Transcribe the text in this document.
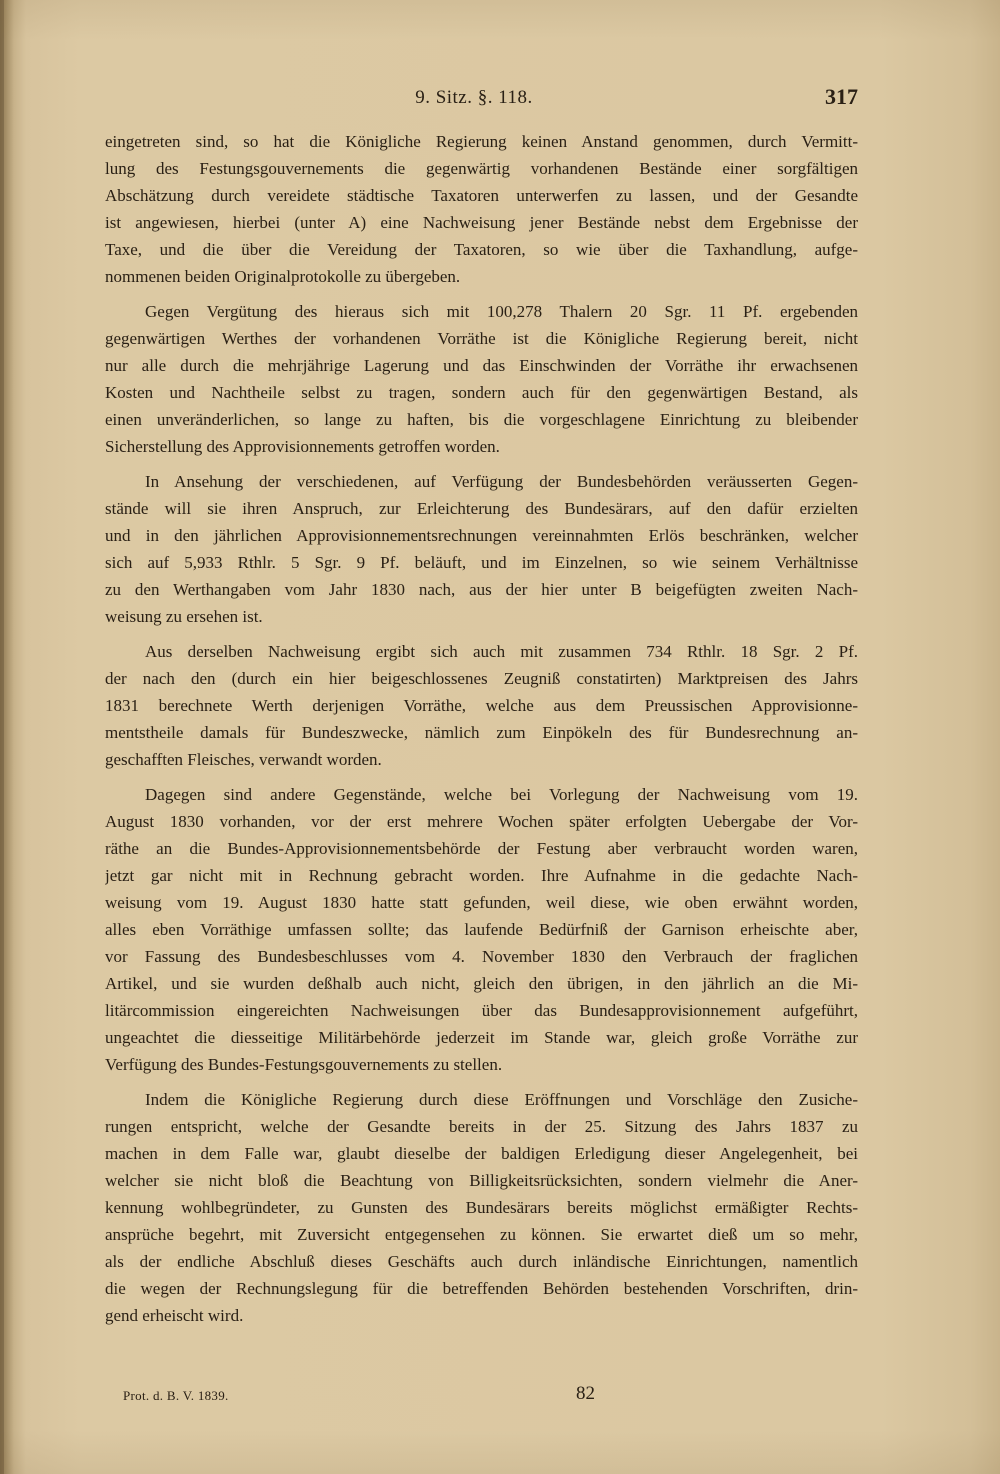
9. Sitz. §. 118.	317
eingetreten sind, so hat die Königliche Regierung keinen Anstand genommen, durch Vermitt-
lung des Festungsgouvernements die gegenwärtig vorhandenen Bestände einer sorgfältigen
Abschätzung durch vereidete städtische Taxatoren unterwerfen zu lassen, und der Gesandte
ist angewiesen, hierbei (unter A) eine Nachweisung jener Bestände nebst dem Ergebnisse der
Taxe, und die über die Vereidung der Taxatoren, so wie über die Taxhandlung, aufge-
nommenen beiden Originalprotokolle zu übergeben.
Gegen Vergütung des hieraus sich mit 100,278 Thalern 20 Sgr. 11 Pf. ergebenden
gegenwärtigen Werthes der vorhandenen Vorräthe ist die Königliche Regierung bereit, nicht
nur alle durch die mehrjährige Lagerung und das Einschwinden der Vorräthe ihr erwachsenen
Kosten und Nachtheile selbst zu tragen, sondern auch für den gegenwärtigen Bestand, als
einen unveränderlichen, so lange zu haften, bis die vorgeschlagene Einrichtung zu bleibender
Sicherstellung des Approvisionnements getroffen worden.
In Ansehung der verschiedenen, auf Verfügung der Bundesbehörden veräusserten Gegen-
stände will sie ihren Anspruch, zur Erleichterung des Bundesärars, auf den dafür erzielten
und in den jährlichen Approvisionnementsrechnungen vereinnahmten Erlös beschränken, welcher
sich auf 5,933 Rthlr. 5 Sgr. 9 Pf. beläuft, und im Einzelnen, so wie seinem Verhältnisse
zu den Werthangaben vom Jahr 1830 nach, aus der hier unter B beigefügten zweiten Nach-
weisung zu ersehen ist.
Aus derselben Nachweisung ergibt sich auch mit zusammen 734 Rthlr. 18 Sgr. 2 Pf.
der nach den (durch ein hier beigeschlossenes Zeugniß constatirten) Marktpreisen des Jahrs
1831 berechnete Werth derjenigen Vorräthe, welche aus dem Preussischen Approvisionne-
mentstheile damals für Bundeszwecke, nämlich zum Einpökeln des für Bundesrechnung an-
geschafften Fleisches, verwandt worden.
Dagegen sind andere Gegenstände, welche bei Vorlegung der Nachweisung vom 19.
August 1830 vorhanden, vor der erst mehrere Wochen später erfolgten Uebergabe der Vor-
räthe an die Bundes-Approvisionnementsbehörde der Festung aber verbraucht worden waren,
jetzt gar nicht mit in Rechnung gebracht worden. Ihre Aufnahme in die gedachte Nach-
weisung vom 19. August 1830 hatte statt gefunden, weil diese, wie oben erwähnt worden,
alles eben Vorräthige umfassen sollte; das laufende Bedürfniß der Garnison erheischte aber,
vor Fassung des Bundesbeschlusses vom 4. November 1830 den Verbrauch der fraglichen
Artikel, und sie wurden deßhalb auch nicht, gleich den übrigen, in den jährlich an die Mi-
litärcommission eingereichten Nachweisungen über das Bundesapprovisionnement aufgeführt,
ungeachtet die diesseitige Militärbehörde jederzeit im Stande war, gleich große Vorräthe zur
Verfügung des Bundes-Festungsgouvernements zu stellen.
Indem die Königliche Regierung durch diese Eröffnungen und Vorschläge den Zusiche-
rungen entspricht, welche der Gesandte bereits in der 25. Sitzung des Jahrs 1837 zu
machen in dem Falle war, glaubt dieselbe der baldigen Erledigung dieser Angelegenheit, bei
welcher sie nicht bloß die Beachtung von Billigkeitsrücksichten, sondern vielmehr die Aner-
kennung wohlbegründeter, zu Gunsten des Bundesärars bereits möglichst ermäßigter Rechts-
ansprüche begehrt, mit Zuversicht entgegensehen zu können. Sie erwartet dieß um so mehr,
als der endliche Abschluß dieses Geschäfts auch durch inländische Einrichtungen, namentlich
die wegen der Rechnungslegung für die betreffenden Behörden bestehenden Vorschriften, drin-
gend erheischt wird.
Prot. d. B. V. 1839.	82
